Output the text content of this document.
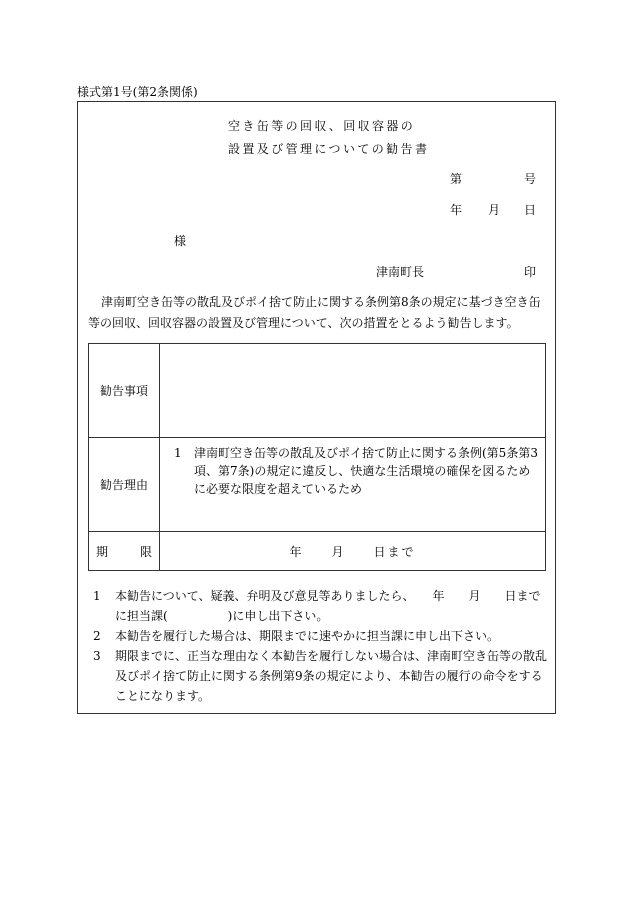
様式第1号(第2条関係)
空き缶等の回収、回収容器の
設置及び管理についての勧告書
第	号
年 月 日
様
津南町長	印
津南町空き缶等の散乱及びポイ捨て防止に関する条例第8条の規定に基づき空き缶等の回収、回収容器の設置及び管理について、次の措置をとるよう勧告します。
勧告事項	
勧告理由	1 津南町空き缶等の散乱及びポイ捨て防止に関する条例(第5条第3項、第7条)の規定に違反し、快適な生活環境の確保を図るために必要な限度を超えているため

期限	年　　月　　日まで
1	本勧告について、疑義、弁明及び意見等ありましたら、　　年　　月　　日までに担当課(　　　　　)に申し出下さい。
2	本勧告を履行した場合は、期限までに速やかに担当課に申し出下さい。
3	期限までに、正当な理由なく本勧告を履行しない場合は、津南町空き缶等の散乱及びポイ捨て防止に関する条例第9条の規定により、本勧告の履行の命令をすることになります。
